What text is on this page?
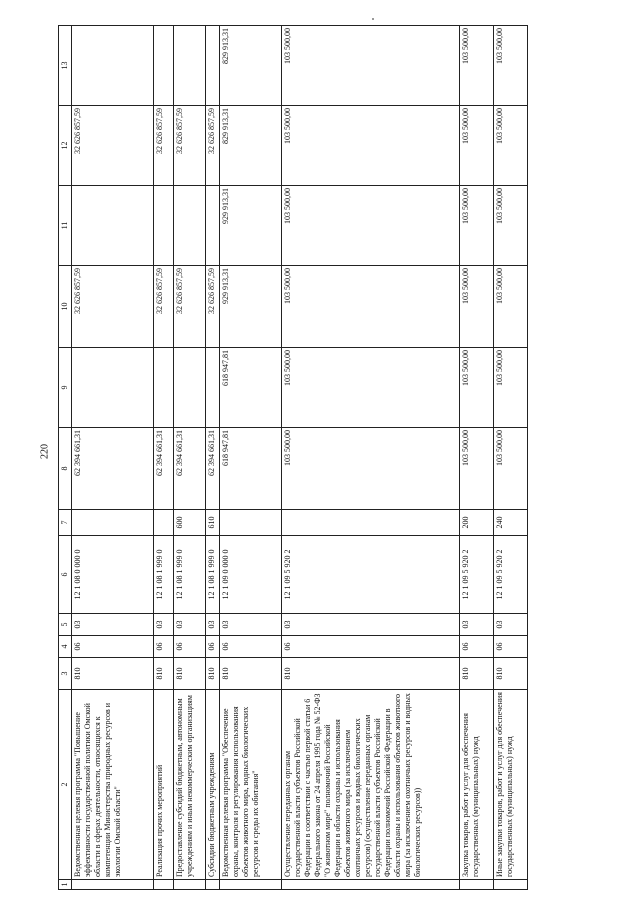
220
1	2	3	4	5	6	7	8	9	10	11	12	13
	Ведомственная целевая программа "Повышение эффективности государственной политики Омской области в сферах деятельности, относящихся к компетенции Министерства природных ресурсов и экологии Омской области"	810	06	03	12 1 08 0 000 0		62 394 661,31		32 626 857,59		32 626 857,59	
	Реализация прочих мероприятий	810	06	03	12 1 08 1 999 0		62 394 661,31		32 626 857,59		32 626 857,59	
	Предоставление субсидий бюджетным, автономным учреждениям и иным некоммерческим организациям	810	06	03	12 1 08 1 999 0	600	62 394 661,31		32 626 857,59		32 626 857,59	
	Субсидии бюджетным учреждениям	810	06	03	12 1 08 1 999 0	610	62 394 661,31		32 626 857,59		32 626 857,59	
	Ведомственная целевая программа "Обеспечение охраны, контроля и регулирования использования объектов животного мира, водных биологических ресурсов и среды их обитания"	810	06	03	12 1 09 0 000 0		618 947,81	618 947,81	929 913,31	929 913,31	829 913,31	829 913,31
	Осуществление переданных органам государственной власти субъектов Российской Федерации в соответствии с частью первой статьи 6 Федерального закона от 24 апреля 1995 года № 52-ФЗ "О животном мире" полномочий Российской Федерации в области охраны и использования объектов животного мира (за исключением охотничьих ресурсов и водных биологических ресурсов) (осуществление переданных органам государственной власти субъектов Российской Федерации полномочий Российской Федерации в области охраны и использования объектов животного мира (за исключением охотничьих ресурсов и водных биологических ресурсов))	810	06	03	12 1 09 5 920 2		103 500,00	103 500,00	103 500,00	103 500,00	103 500,00	103 500,00
	Закупка товаров, работ и услуг для обеспечения государственных (муниципальных) нужд	810	06	03	12 1 09 5 920 2	200	103 500,00	103 500,00	103 500,00	103 500,00	103 500,00	103 500,00
	Иные закупки товаров, работ и услуг для обеспечения государственных (муниципальных) нужд	810	06	03	12 1 09 5 920 2	240	103 500,00	103 500,00	103 500,00	103 500,00	103 500,00	103 500,00
